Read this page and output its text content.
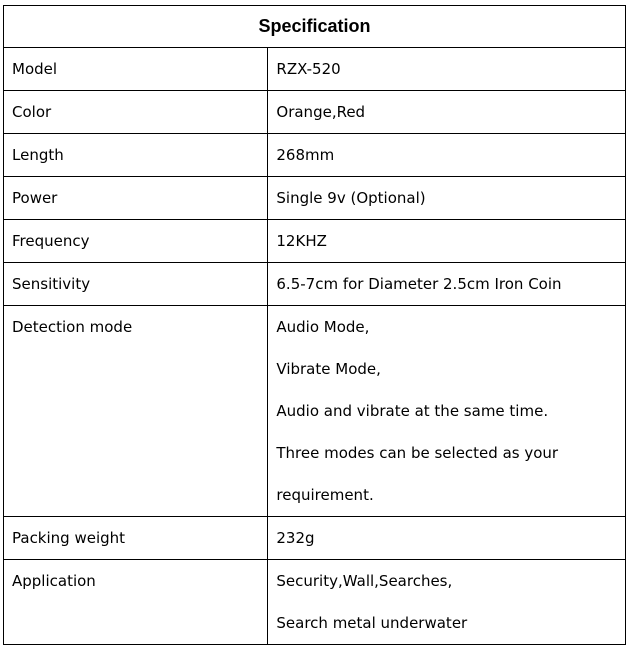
Specification	
Model	RZX-520

Color	Orange,Red

Length	268mm

Power	Single 9v (Optional)

Frequency	12KHZ

Sensitivity	6.5-7cm for Diameter 2.5cm Iron Coin

Detection mode	Audio Mode,
Vibrate Mode,
Audio and vibrate at the same time.
Three modes can be selected as your
requirement.

Packing weight	232g

Application	Security,Wall,Searches,
Search metal underwater
